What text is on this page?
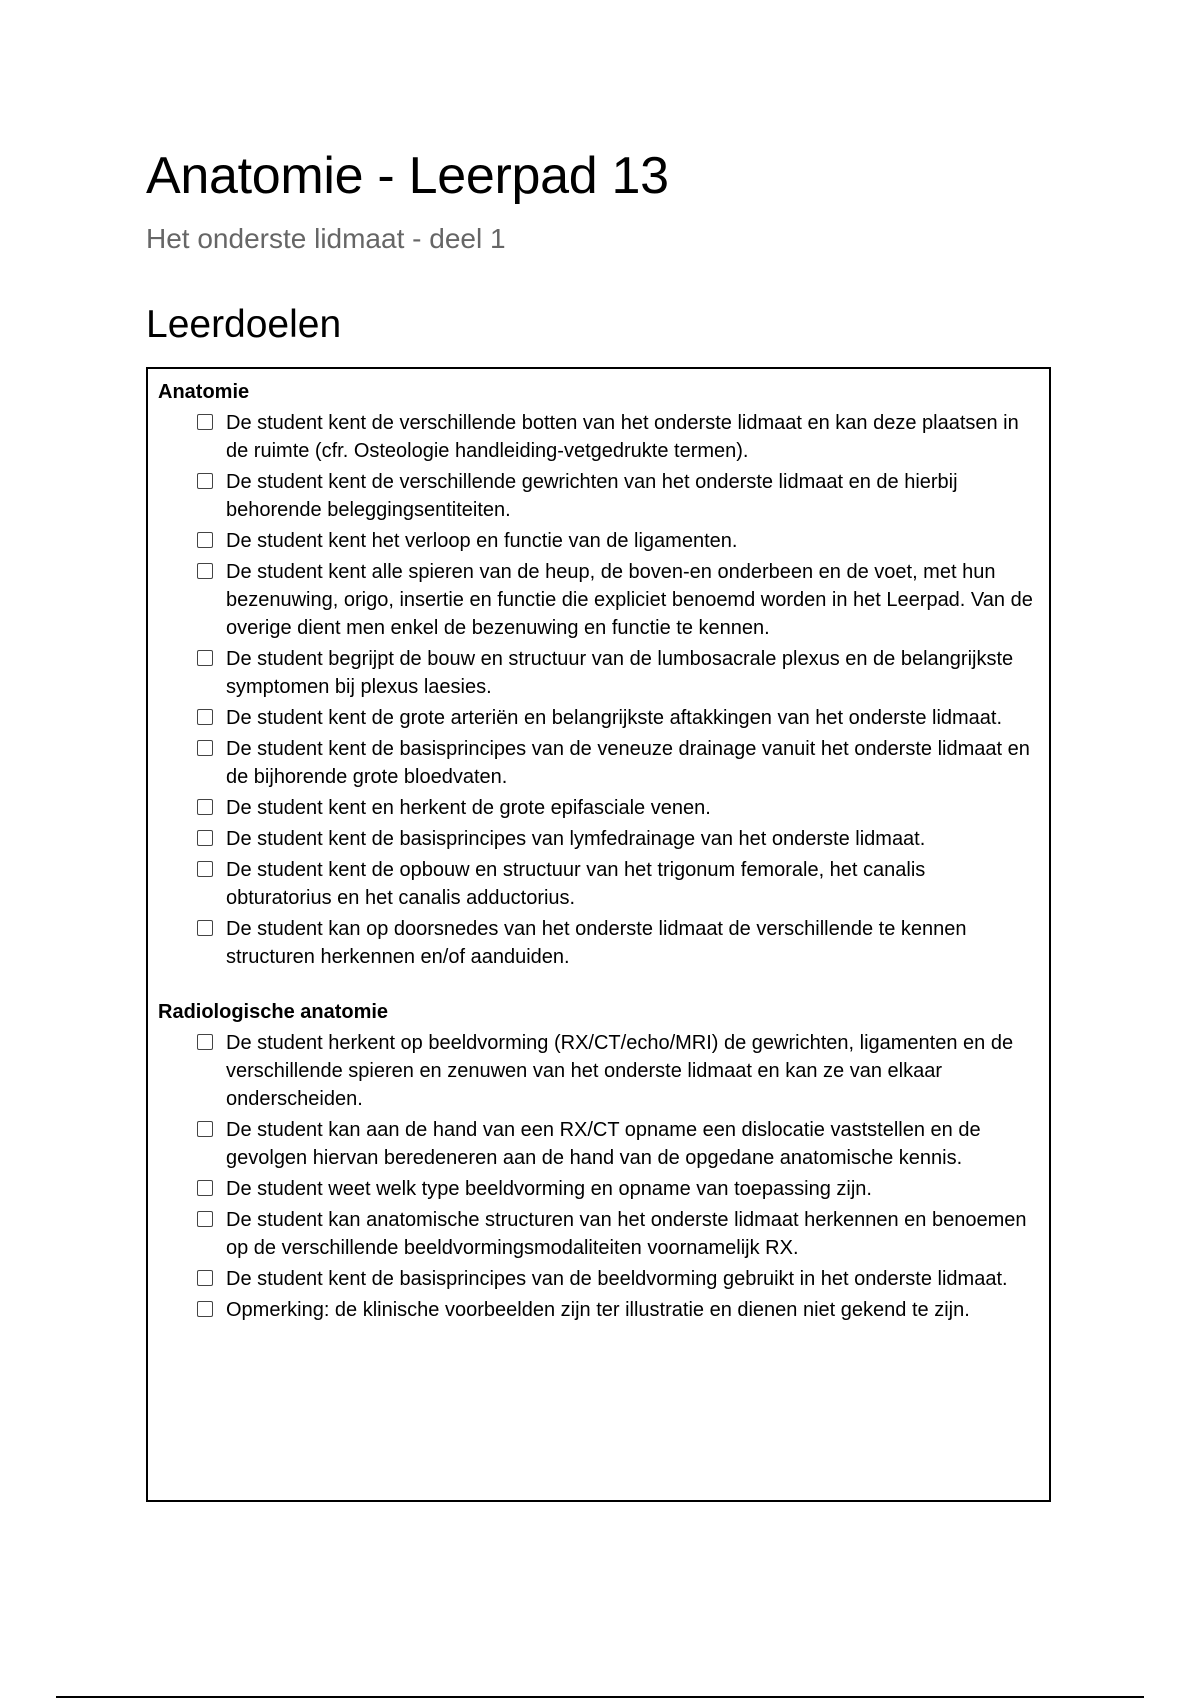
Anatomie - Leerpad 13

Het onderste lidmaat - deel 1

Leerdoelen
Anatomie
De student kent de verschillende botten van het onderste lidmaat en kan deze plaatsen in de ruimte (cfr. Osteologie handleiding-vetgedrukte termen).
De student kent de verschillende gewrichten van het onderste lidmaat en de hierbij behorende beleggingsentiteiten.
De student kent het verloop en functie van de ligamenten.
De student kent alle spieren van de heup, de boven-en onderbeen en de voet, met hun bezenuwing, origo, insertie en functie die expliciet benoemd worden in het Leerpad. Van de overige dient men enkel de bezenuwing en functie te kennen.
De student begrijpt de bouw en structuur van de lumbosacrale plexus en de belangrijkste symptomen bij plexus laesies.
De student kent de grote arteriën en belangrijkste aftakkingen van het onderste lidmaat.
De student kent de basisprincipes van de veneuze drainage vanuit het onderste lidmaat en de bijhorende grote bloedvaten.
De student kent en herkent de grote epifasciale venen.
De student kent de basisprincipes van lymfedrainage van het onderste lidmaat.
De student kent de opbouw en structuur van het trigonum femorale, het canalis obturatorius en het canalis adductorius.
De student kan op doorsnedes van het onderste lidmaat de verschillende te kennen structuren herkennen en/of aanduiden.
Radiologische anatomie
De student herkent op beeldvorming (RX/CT/echo/MRI) de gewrichten, ligamenten en de verschillende spieren en zenuwen van het onderste lidmaat en kan ze van elkaar onderscheiden.
De student kan aan de hand van een RX/CT opname een dislocatie vaststellen en de gevolgen hiervan beredeneren aan de hand van de opgedane anatomische kennis.
De student weet welk type beeldvorming en opname van toepassing zijn.
De student kan anatomische structuren van het onderste lidmaat herkennen en benoemen op de verschillende beeldvormingsmodaliteiten voornamelijk RX.
De student kent de basisprincipes van de beeldvorming gebruikt in het onderste lidmaat.
Opmerking: de klinische voorbeelden zijn ter illustratie en dienen niet gekend te zijn.
